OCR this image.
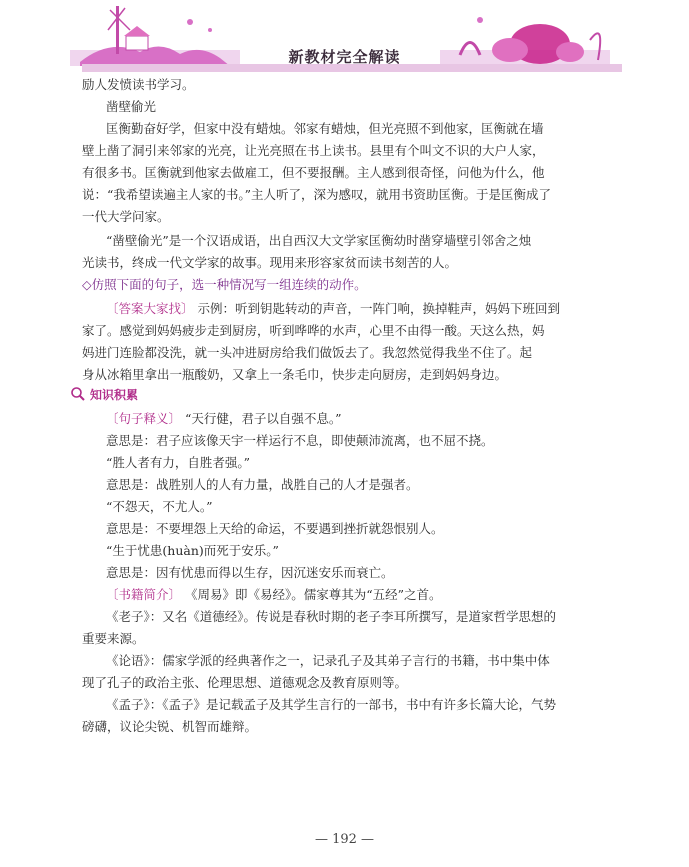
新教材完全解读
励人发愤读书学习。
凿壁偷光
匡衡勤奋好学，但家中没有蜡烛。邻家有蜡烛，但光亮照不到他家，匡衡就在墙
壁上凿了洞引来邻家的光亮，让光亮照在书上读书。县里有个叫文不识的大户人家，
有很多书。匡衡就到他家去做雇工，但不要报酬。主人感到很奇怪，问他为什么，他
说：“我希望读遍主人家的书。”主人听了，深为感叹，就用书资助匡衡。于是匡衡成了
一代大学问家。
“凿壁偷光”是一个汉语成语，出自西汉大文学家匡衡幼时凿穿墙壁引邻舍之烛
光读书，终成一代文学家的故事。现用来形容家贫而读书刻苦的人。
◇仿照下面的句子，选一种情况写一组连续的动作。
〔答案大家找〕 示例：听到钥匙转动的声音，一阵门响，换掉鞋声，妈妈下班回到
家了。感觉到妈妈疲步走到厨房，听到哗哗的水声，心里不由得一酸。天这么热，妈
妈进门连脸都没洗，就一头冲进厨房给我们做饭去了。我忽然觉得我坐不住了。起
身从冰箱里拿出一瓶酸奶，又拿上一条毛巾，快步走向厨房，走到妈妈身边。
知识积累
〔句子释义〕 “天行健，君子以自强不息。”
意思是：君子应该像天宇一样运行不息，即使颠沛流离，也不屈不挠。
“胜人者有力，自胜者强。”
意思是：战胜别人的人有力量，战胜自己的人才是强者。
“不怨天，不尤人。”
意思是：不要埋怨上天给的命运，不要遇到挫折就怨恨别人。
“生于忧患(huàn)而死于安乐。”
意思是：因有忧患而得以生存，因沉迷安乐而衰亡。
〔书籍简介〕 《周易》即《易经》。儒家尊其为“五经”之首。
《老子》：又名《道德经》。传说是春秋时期的老子李耳所撰写，是道家哲学思想的
重要来源。
《论语》：儒家学派的经典著作之一，记录孔子及其弟子言行的书籍，书中集中体
现了孔子的政治主张、伦理思想、道德观念及教育原则等。
《孟子》：《孟子》是记载孟子及其学生言行的一部书，书中有许多长篇大论，气势
磅礴，议论尖锐、机智而雄辩。
— 192 —
